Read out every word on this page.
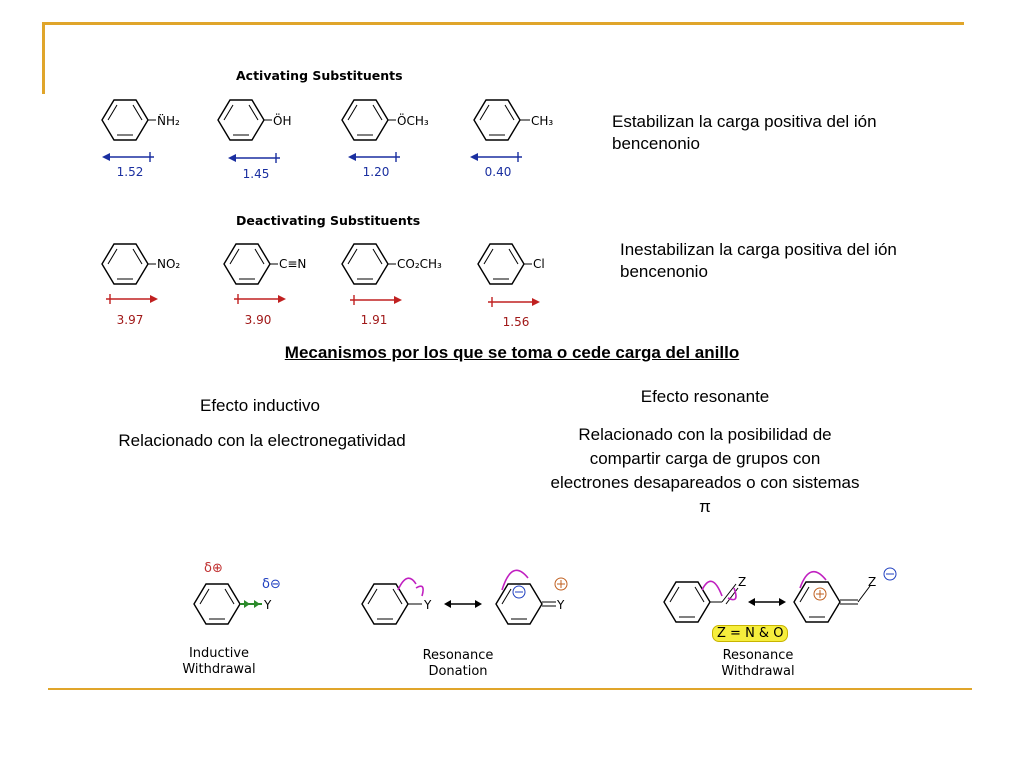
Activating Substituents
N̈H₂	ÖH	ÖCH₃	CH₃
1.52	1.45	1.20	0.40
Estabilizan la carga positiva del ión bencenonio
Deactivating Substituents
NO₂	C≡N	CO₂CH₃	Cl
3.97	3.90	1.91	1.56
Inestabilizan la carga positiva del ión bencenonio
Mecanismos por los que se toma o cede carga del anillo
Efecto inductivo
Relacionado con la electronegatividad
Efecto resonante
Relacionado con la posibilidad de compartir carga de grupos con electrones desapareados o con sistemas π
Y
δ⊕
δ⊖
Inductive
Withdrawal
Y	Y
Resonance
Donation
Z	Z
Z = N & O
Resonance
Withdrawal
